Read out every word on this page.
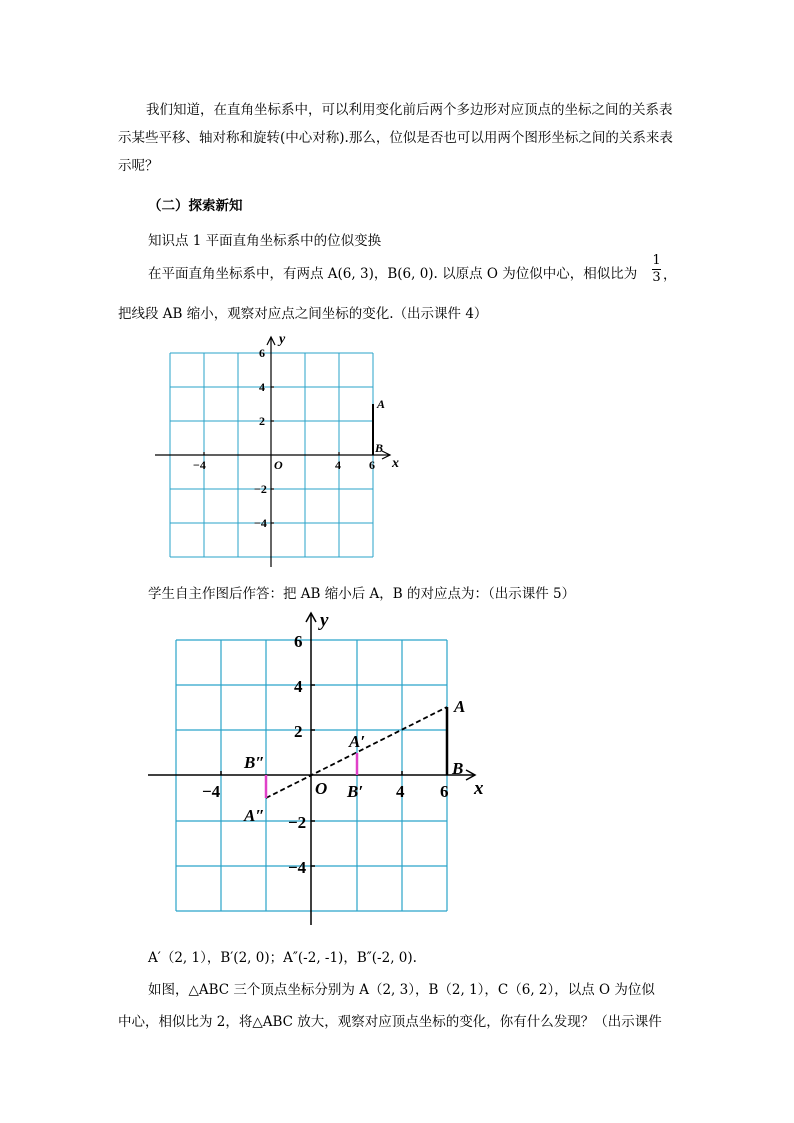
我们知道，在直角坐标系中，可以利用变化前后两个多边形对应顶点的坐标之间的关系表示某些平移、轴对称和旋转(中心对称).那么，位似是否也可以用两个图形坐标之间的关系来表示呢？
（二）探索新知
知识点 1 平面直角坐标系中的位似变换
在平面直角坐标系中，有两点 A(6, 3)，B(6, 0). 以原点 O 为位似中心，相似比为
1
3 ，
把线段 AB 缩小，观察对应点之间坐标的变化.（出示课件 4）
y
x
O
−4	4 6
6
4
2
−2
−4
A
B
学生自主作图后作答：把 AB 缩小后 A，B 的对应点为：（出示课件 5）
y
x
O
−4	4 6
6
4
2
−2
−4
A
B
A′
B′
A″
B″
A′（2, 1），B′(2, 0)；A″(-2, -1)，B″(-2, 0).
如图，△ABC 三个顶点坐标分别为 A（2, 3），B（2, 1），C（6, 2），以点 O 为位似
中心，相似比为 2，将△ABC 放大，观察对应顶点坐标的变化，你有什么发现？（出示课件
